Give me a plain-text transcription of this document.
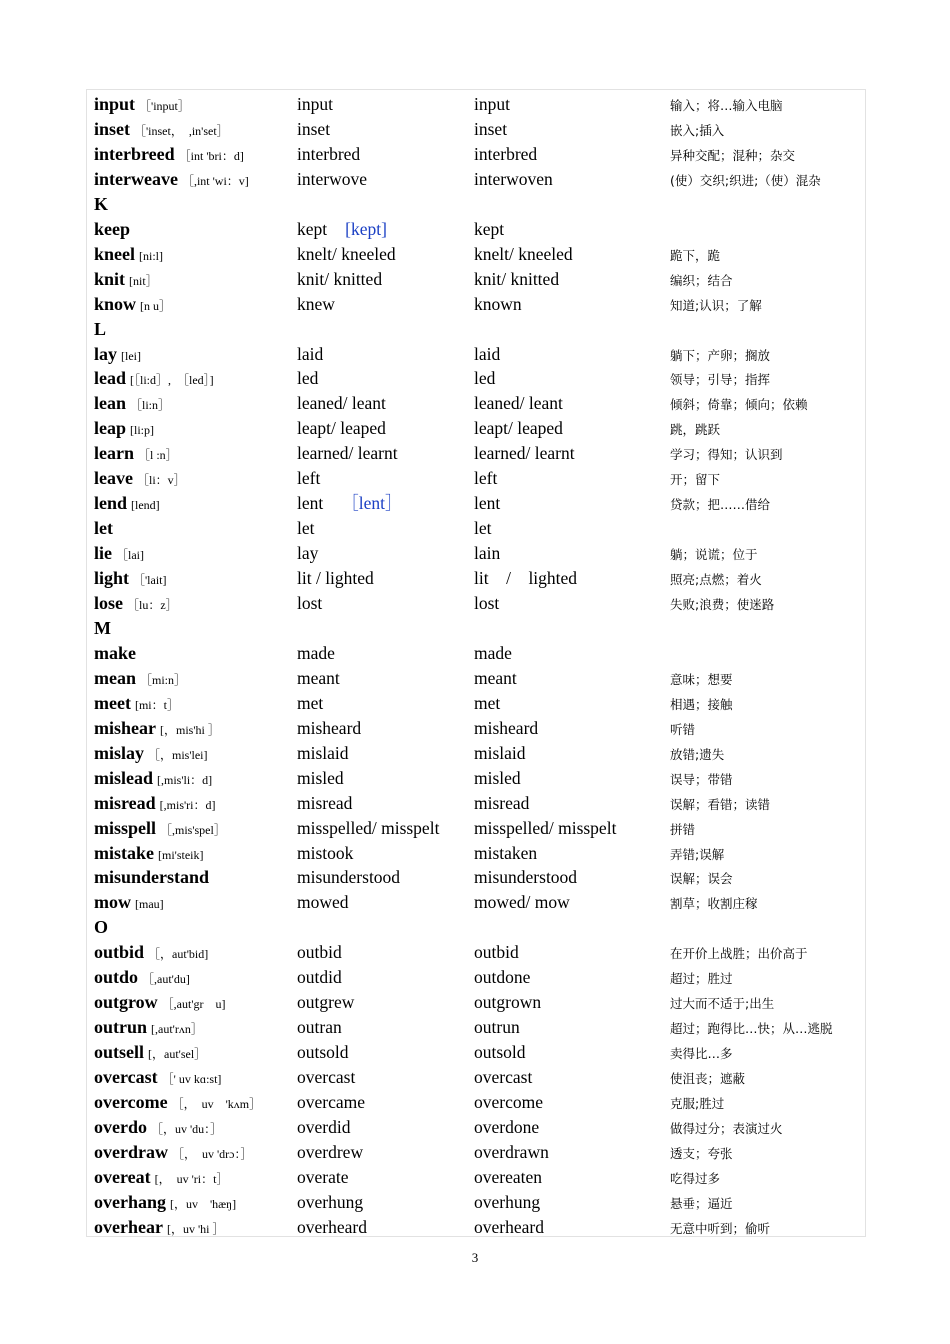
input ［'input］	input	input	输入；将…输入电脑
inset ［'inset，　,in'set］	inset	inset	嵌入;插入
interbreed ［int 'bri：d]	interbred	interbred	异种交配；混种；杂交
interweave ［,int 'wi：v]	interwove	interwoven	(使）交织;织进;（使）混杂
K
keep	kept [kept]	kept
kneel [ni:l]	knelt/ kneeled	knelt/ kneeled	跪下，跪
knit [nit］	knit/ knitted	knit/ knitted	编织；结合
know [n u］	knew	known	知道;认识；了解
L
lay [lei]	laid	laid	躺下；产卵；搁放
lead [［li:d］,　［led］]	led	led	领导；引导；指挥
lean ［li:n］	leaned/ leant	leaned/ leant	倾斜；倚靠；倾向；依赖
leap [li:p]	leapt/ leaped	leapt/ leaped	跳，跳跃
learn ［l :n］	learned/ learnt	learned/ learnt	学习；得知；认识到
leave ［li：v］	left	left	开；留下
lend [lend]	lent ［lent］	lent	贷款；把……借给
let	let	let
lie ［lai]	lay	lain	躺；说谎；位于
light ［'lait]	lit / lighted	lit　/　lighted	照亮;点燃；着火
lose ［lu：z］	lost	lost	失败;浪费；使迷路
M
make	made	made
mean ［mi:n］	meant	meant	意味；想要
meet [mi：t］	met	met	相遇；接触
mishear [，mis'hi ］	misheard	misheard	听错
mislay ［，mis'lei]	mislaid	mislaid	放错;遗失
mislead [,mis'li：d]	misled	misled	误导；带错
misread [,mis'ri：d]	misread	misread	误解；看错；读错
misspell ［,mis'spel］	misspelled/ misspelt	misspelled/ misspelt	拼错
mistake [mi'steik]	mistook	mistaken	弄错;误解
misunderstand	misunderstood	misunderstood	误解；误会
mow [mau]	mowed	mowed/ mow	割草；收割庄稼
O
outbid ［，aut'bid]	outbid	outbid	在开价上战胜；出价高于
outdo ［,aut'du]	outdid	outdone	超过；胜过
outgrow ［,aut'gr　u]	outgrew	outgrown	过大而不适于;出生
outrun [,aut'rʌn］	outran	outrun	超过；跑得比…快；从…逃脱
outsell [，aut'sel］	outsold	outsold	卖得比…多
overcast ［' uv kɑ:st]	overcast	overcast	使沮丧；遮蔽
overcome ［，　uv　'kʌm］ overcame	overcome	克服;胜过
overdo ［，uv 'du：］	overdid	overdone	做得过分；表演过火
overdraw ［，　uv 'drɔ：］	overdrew	overdrawn	透支；夸张
overeat [，　uv 'ri：t］	overate	overeaten	吃得过多
overhang [，uv　'hæŋ]	overhung	overhung	悬垂；逼近
overhear [，uv 'hi ］	overheard	overheard	无意中听到；偷听
3
